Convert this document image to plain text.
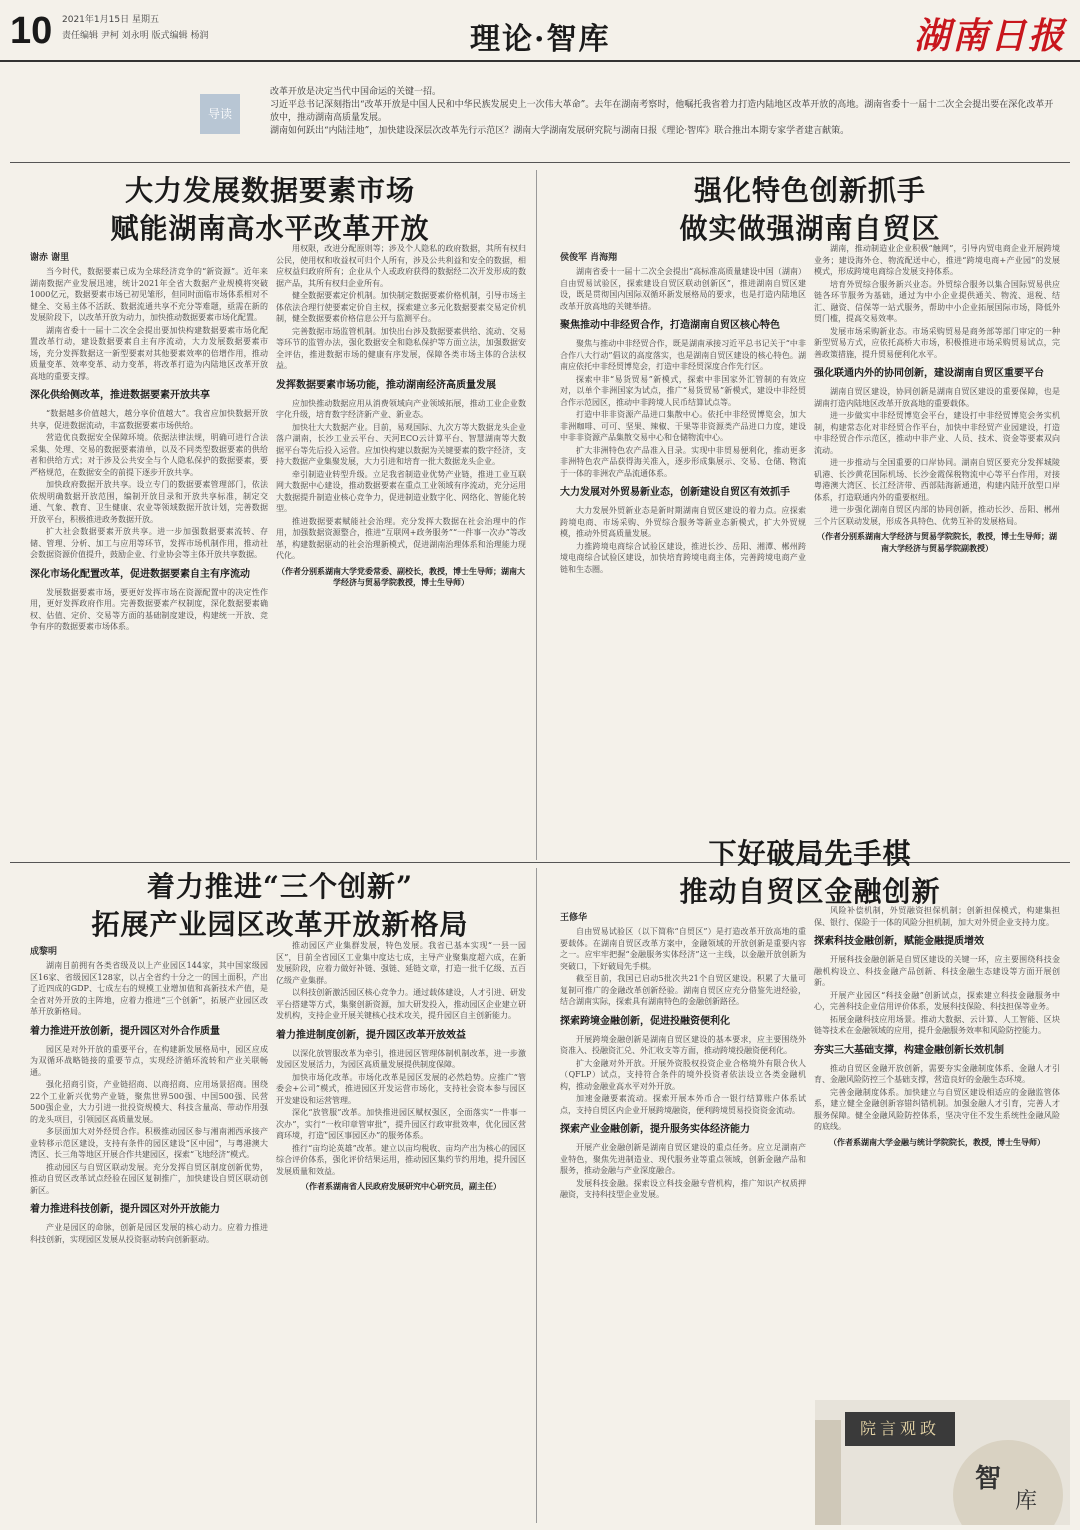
10 2021年1月15日 星期五
责任编辑 尹柯 刘永明 版式编辑 杨润	理论·智库	湖南日报
导读
改革开放是决定当代中国命运的关键一招。
习近平总书记深刻指出“改革开放是中国人民和中华民族发展史上一次伟大革命”。去年在湖南考察时，他嘱托我省着力打造内陆地区改革开放的高地。湖南省委十一届十二次全会提出要在深化改革开放中，推动湖南高质量发展。
湖南如何跃出“内陆洼地”，加快建设深层次改革先行示范区？湖南大学湖南发展研究院与湖南日报《理论·智库》联合推出本期专家学者建言献策。
大力发展数据要素市场
赋能湖南高水平改革开放
谢赤 谢里

当今时代，数据要素已成为全球经济竞争的“新资源”。近年来湖南数据产业发展迅速，统计2021年全省大数据产业规模将突破1000亿元，数据要素市场已初见雏形，但同时面临市场体系相对不健全、交易主体不活跃、数据流通共享不充分等难题，亟需在新的发展阶段下，以改革开放为动力，加快推动数据要素市场化配置。

湖南省委十一届十二次全会提出要加快构建数据要素市场化配置改革行动，建设数据要素自主有序流动，大力发展数据要素市场，充分发挥数据这一新型要素对其他要素效率的倍增作用，推动质量变革、效率变革、动力变革，将改革打造为内陆地区改革开放高地的重要支撑。

深化供给侧改革，推进数据要素开放共享

“数据越多价值越大，越分享价值越大”。我省应加快数据开放共享，促进数据流动，丰富数据要素市场供给。

营造优良数据安全保障环境。依据法律法规，明确可进行合法采集、处理、交易的数据要素清单，以及不同类型数据要素的供给者和供给方式；对于涉及公共安全与个人隐私保护的数据要素，要严格规范，在数据安全的前提下逐步开放共享。

加快政府数据开放共享。设立专门的数据要素管理部门，依法依规明确数据开放范围，编制开放目录和开放共享标准，制定交通、气象、教育、卫生健康、农业等领域数据开放计划，完善数据开放平台，积极推进政务数据开放。

扩大社会数据要素开放共享。进一步加强数据要素流转、存储、管理、分析、加工与应用等环节，发挥市场机制作用，推动社会数据资源价值提升，鼓励企业、行业协会等主体开放共享数据。

深化市场化配置改革，促进数据要素自主有序流动

发展数据要素市场，要更好发挥市场在资源配置中的决定性作用，更好发挥政府作用。完善数据要素产权制度，深化数据要素确权、估值、定价、交易等方面的基础制度建设，构建统一开放、竞争有序的数据要素市场体系。

用权限，改进分配原则等；涉及个人隐私的政府数据，其所有权归公民，使用权和收益权可归个人所有，涉及公共利益和安全的数据，相应权益归政府所有；企业从个人或政府获得的数据经二次开发形成的数据产品，其所有权归企业所有。

健全数据要素定价机制。加快制定数据要素价格机制，引导市场主体依法合理行使要素定价自主权，探索建立多元化数据要素交易定价机制，健全数据要素价格信息公开与监测平台。

完善数据市场监管机制。加快出台涉及数据要素供给、流动、交易等环节的监管办法，强化数据安全和隐私保护等方面立法，加强数据安全评估，推进数据市场的健康有序发展，保障各类市场主体的合法权益。

发挥数据要素市场功能，推动湖南经济高质量发展

应加快推动数据应用从消费领域向产业领域拓展，推动工业企业数字化升级，培育数字经济新产业、新业态。

加快壮大大数据产业。目前，易观国际、九次方等大数据龙头企业落户湖南，长沙工业云平台、天河ECO云计算平台、智慧湖南等大数据平台等先后投入运营。应加快构建以数据为关键要素的数字经济，支持大数据产业集聚发展，大力引进和培育一批大数据龙头企业。

牵引制造业转型升级。立足我省制造业优势产业链，推进工业互联网大数据中心建设，推动数据要素在重点工业领域有序流动，充分运用大数据提升制造业核心竞争力，促进制造业数字化、网络化、智能化转型。

推进数据要素赋能社会治理。充分发挥大数据在社会治理中的作用，加强数据资源整合，推进“互联网+政务服务”“一件事一次办”等改革，构建数据驱动的社会治理新模式，促进湖南治理体系和治理能力现代化。

（作者分别系湖南大学党委常委、副校长，教授，博士生导师；湖南大学经济与贸易学院教授，博士生导师）
强化特色创新抓手
做实做强湖南自贸区
侯俊军 肖海翔

湖南省委十一届十二次全会提出“高标准高质量建设中国（湖南）自由贸易试验区，探索建设自贸区联动创新区”，推进湖南自贸区建设，既是贯彻国内国际双循环新发展格局的要求，也是打造内陆地区改革开放高地的关键举措。

聚焦推动中非经贸合作，打造湖南自贸区核心特色

聚焦与推动中非经贸合作，既是湖南承接习近平总书记关于“中非合作八大行动”倡议的高度落实，也是湖南自贸区建设的核心特色。湖南应依托中非经贸博览会，打造中非经贸深度合作先行区。

探索中非“易货贸易”新模式，探索中非国家外汇管制的有效应对，以单个非洲国家为试点，推广“易货贸易”新模式，建设中非经贸合作示范园区，推动中非跨境人民币结算试点等。

打造中非非资源产品进口集散中心。依托中非经贸博览会，加大非洲咖啡、可可、坚果、辣椒、干果等非资源类产品进口力度，建设中非非资源产品集散交易中心和仓储物流中心。

扩大非洲特色农产品准入目录。实现中非贸易便利化，推动更多非洲特色农产品获得海关准入，逐步形成集展示、交易、仓储、物流于一体的非洲农产品流通体系。

大力发展对外贸易新业态，创新建设自贸区有效抓手

大力发展外贸新业态是新时期湖南自贸区建设的着力点。应探索跨境电商、市场采购、外贸综合服务等新业态新模式，扩大外贸规模，推动外贸高质量发展。

力推跨境电商综合试验区建设，推进长沙、岳阳、湘潭、郴州跨境电商综合试验区建设，加快培育跨境电商主体，完善跨境电商产业链和生态圈。

湖南，推动制造业企业积极“触网”，引导内贸电商企业开展跨境业务；建设海外仓、物流配送中心，推进“跨境电商+产业园”的发展模式，形成跨境电商综合发展支持体系。

培育外贸综合服务新兴业态。外贸综合服务以集合国际贸易供应链各环节服务为基础，通过为中小企业提供通关、物流、退税、结汇、融资、信保等一站式服务，帮助中小企业拓展国际市场，降低外贸门槛，提高交易效率。

发展市场采购新业态。市场采购贸易是商务部等部门审定的一种新型贸易方式，应依托高桥大市场，积极推进市场采购贸易试点，完善政策措施，提升贸易便利化水平。

强化联通内外的协同创新，建设湖南自贸区重要平台

湖南自贸区建设，协同创新是湖南自贸区建设的重要保障，也是湖南打造内陆地区改革开放高地的重要载体。

进一步做实中非经贸博览会平台，建设打中非经贸博览会务实机制，构建常态化对非经贸合作平台，加快中非经贸产业园建设，打造中非经贸合作示范区，推动中非产业、人员、技术、资金等要素双向流动。

进一步推动与全国重要的口岸协同。湖南自贸区要充分发挥城陵矶港、长沙黄花国际机场、长沙金霞保税物流中心等平台作用，对接粤港澳大湾区、长江经济带、西部陆海新通道，构建内陆开放型口岸体系，打造联通内外的重要枢纽。

进一步强化湖南自贸区内部的协同创新，推动长沙、岳阳、郴州三个片区联动发展，形成各具特色、优势互补的发展格局。

（作者分别系湖南大学经济与贸易学院院长，教授，博士生导师；湖南大学经济与贸易学院副教授）
着力推进“三个创新”
拓展产业园区改革开放新格局
成黎明

湖南目前拥有各类省级及以上产业园区144家，其中国家级园区16家、省级园区128家，以占全省约十分之一的国土面积，产出了近四成的GDP、七成左右的规模工业增加值和高新技术产值，是全省对外开放的主阵地，应着力推进“三个创新”，拓展产业园区改革开放新格局。

着力推进开放创新，提升园区对外合作质量

园区是对外开放的重要平台，在构建新发展格局中，园区应成为双循环战略链接的重要节点，实现经济循环流转和产业关联畅通。

强化招商引资，产业链招商、以商招商、应用场景招商。围绕22个工业新兴优势产业链，聚焦世界500强、中国500强、民营500强企业，大力引进一批投资规模大、科技含量高、带动作用强的龙头项目，引领园区高质量发展。

多层面加大对外经贸合作。积极推动园区参与湘南湘西承接产业转移示范区建设，支持有条件的园区建设“区中园”，与粤港澳大湾区、长三角等地区开展合作共建园区，探索“飞地经济”模式。

推动园区与自贸区联动发展。充分发挥自贸区制度创新优势，推动自贸区改革试点经验在园区复制推广，加快建设自贸区联动创新区。

着力推进科技创新，提升园区对外开放能力

产业是园区的命脉，创新是园区发展的核心动力。应着力推进科技创新，实现园区发展从投资驱动转向创新驱动。

推动园区产业集群发展，特色发展。我省已基本实现“一县一园区”，目前全省园区工业集中度达七成，主导产业聚集度超六成，在新发展阶段，应着力做好补链、强链、延链文章，打造一批千亿级、五百亿级产业集群。

以科技创新激活园区核心竞争力。通过载体建设，人才引进、研发平台搭建等方式，集聚创新资源，加大研发投入，推动园区企业建立研发机构，支持企业开展关键核心技术攻关，提升园区自主创新能力。

着力推进制度创新，提升园区改革开放效益

以深化放管服改革为牵引，推进园区管理体制机制改革，进一步激发园区发展活力，为园区高质量发展提供制度保障。

加快市场化改革。市场化改革是园区发展的必然趋势。应推广“管委会+公司”模式，推进园区开发运营市场化，支持社会资本参与园区开发建设和运营管理。

深化“放管服”改革。加快推进园区赋权强区，全面落实“一件事一次办”，实行“一枚印章管审批”，提升园区行政审批效率，优化园区营商环境，打造“园区事园区办”的服务体系。

推行“亩均论英雄”改革。建立以亩均税收、亩均产出为核心的园区综合评价体系，强化评价结果运用，推动园区集约节约用地，提升园区发展质量和效益。

（作者系湖南省人民政府发展研究中心研究员，副主任）
下好破局先手棋
推动自贸区金融创新
王修华

自由贸易试验区（以下简称“自贸区”）是打造改革开放高地的重要载体。在湖南自贸区改革方案中，金融领域的开放创新是重要内容之一。应牢牢把握“金融服务实体经济”这一主线，以金融开放创新为突破口，下好破局先手棋。

截至目前，我国已启动5批次共21个自贸区建设。积累了大量可复制可推广的金融改革创新经验。湖南自贸区应充分借鉴先进经验，结合湖南实际，探索具有湖南特色的金融创新路径。

探索跨境金融创新，促进投融资便利化

开展跨境金融创新是湖南自贸区建设的基本要求，应主要围绕外资准入、投融资汇兑、外汇收支等方面，推动跨境投融资便利化。

扩大金融对外开放。开展外资股权投资企业合格境外有限合伙人（QFLP）试点，支持符合条件的境外投资者依法设立各类金融机构，推动金融业高水平对外开放。

加速金融要素流动。探索开展本外币合一银行结算账户体系试点，支持自贸区内企业开展跨境融资，便利跨境贸易投资资金流动。

探索产业金融创新，提升服务实体经济能力

开展产业金融创新是湖南自贸区建设的重点任务。应立足湖南产业特色，聚焦先进制造业、现代服务业等重点领域，创新金融产品和服务，推动金融与产业深度融合。

发展科技金融。探索设立科技金融专营机构，推广知识产权质押融资，支持科技型企业发展。

风险补偿机制，外贸融资担保机制；创新担保模式，构建集担保、银行、保险于一体的风险分担机制，加大对外贸企业支持力度。

探索科技金融创新，赋能金融提质增效

开展科技金融创新是自贸区建设的关键一环，应主要围绕科技金融机构设立、科技金融产品创新、科技金融生态建设等方面开展创新。

开展产业园区“科技金融”创新试点，探索建立科技金融服务中心，完善科技企业信用评价体系，发展科技保险、科技担保等业务。

拓展金融科技应用场景。推动大数据、云计算、人工智能、区块链等技术在金融领域的应用，提升金融服务效率和风险防控能力。

夯实三大基础支撑，构建金融创新长效机制

推动自贸区金融开放创新，需要夯实金融制度体系、金融人才引育、金融风险防控三个基础支撑，营造良好的金融生态环境。

完善金融制度体系。加快建立与自贸区建设相适应的金融监管体系，建立健全金融创新容错纠错机制。加强金融人才引育，完善人才服务保障。健全金融风险防控体系，坚决守住不发生系统性金融风险的底线。

（作者系湖南大学金融与统计学院院长，教授，博士生导师）
院言观政
智
库
